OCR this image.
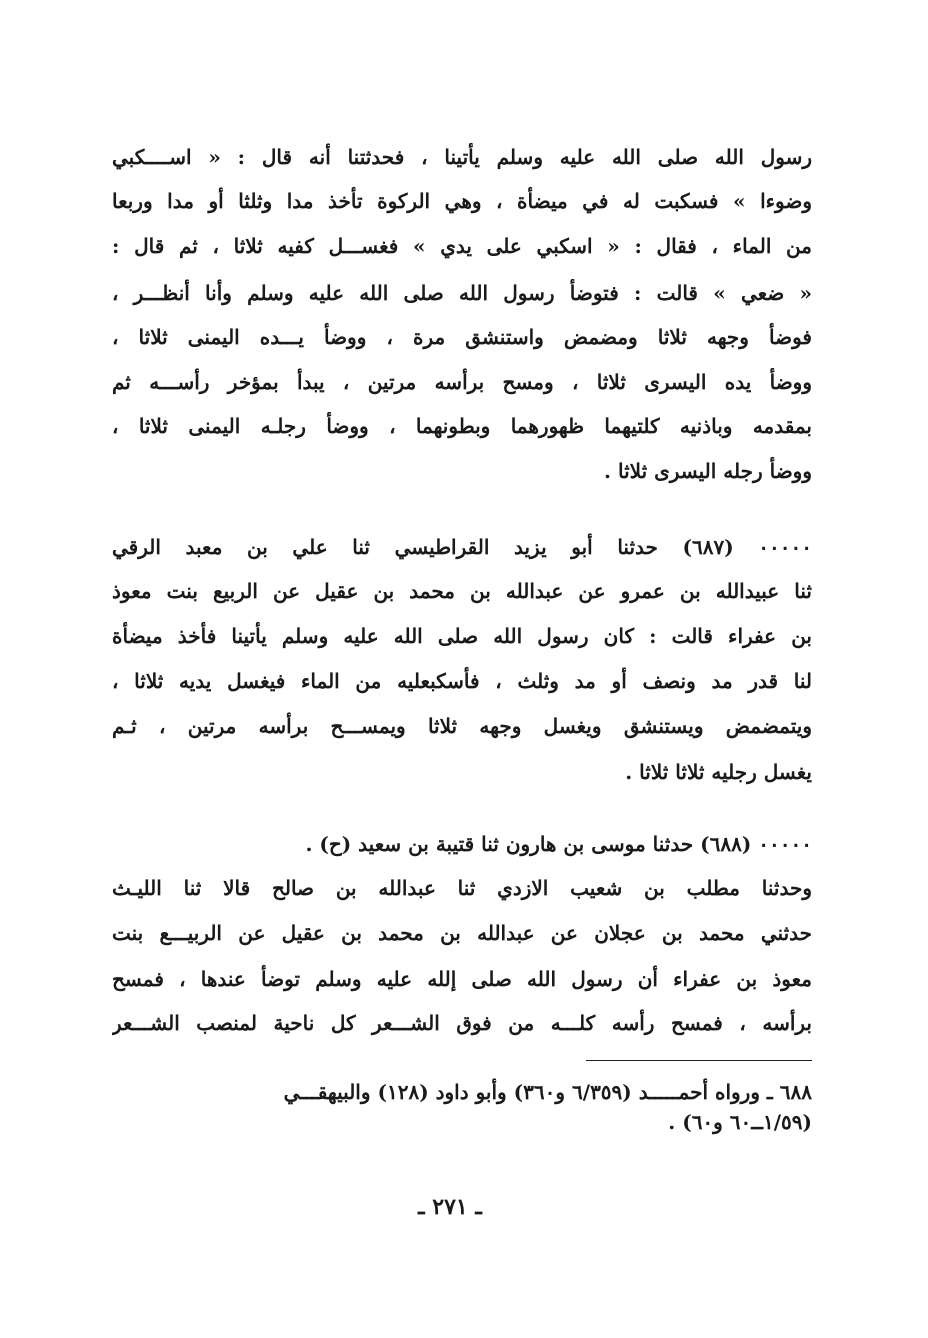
رسول الله صلى الله عليه وسلم يأتينا ، فحدثتنا أنه قال : « اســــكبي
وضوءا » فسكبت له في ميضأة ، وهي الركوة تأخذ مدا وثلثا أو مدا وربعا
من الماء ، فقال : « اسكبي على يدي » فغســـل كفيه ثلاثا ، ثم قال :
« ضعي » قالت : فتوضأ رسول الله صلى الله عليه وسلم وأنا أنظـــر ،
فوضأ وجهه ثلاثا ومضمض واستنشق مرة ، ووضأ يـــده اليمنى ثلاثا ،
ووضأ يده اليسرى ثلاثا ، ومسح برأسه مرتين ، يبدأ بمؤخر رأســـه ثم
بمقدمه وباذنيه كلتيهما ظهورهما وبطونهما ، ووضأ رجلـه اليمنى ثلاثا ،
ووضأ رجله اليسرى ثلاثا .
٠٠٠٠٠ (٦٨٧) حدثنا أبو يزيد القراطيسي ثنا علي بن معبد الرقي
ثنا عبيدالله بن عمرو عن عبدالله بن محمد بن عقيل عن الربيع بنت معوذ
بن عفراء قالت : كان رسول الله صلى الله عليه وسلم يأتينا فأخذ ميضأة
لنا قدر مد ونصف أو مد وثلث ، فأسكبعليه من الماء فيغسل يديه ثلاثا ،
ويتمضمض ويستنشق ويغسل وجهه ثلاثا ويمســـح برأسه مرتين ، ثـم
يغسل رجليه ثلاثا ثلاثا .
٠٠٠٠٠ (٦٨٨) حدثنا موسى بن هارون ثنا قتيبة بن سعيد (ح) .
وحدثنا مطلب بن شعيب الازدي ثنا عبدالله بن صالح قالا ثنا الليـث
حدثني محمد بن عجلان عن عبدالله بن محمد بن عقيل عن الربيـــع بنت
معوذ بن عفراء أن رسول الله صلى إلله عليه وسلم توضأ عندها ، فمسح
برأسه ، فمسح رأسه كلـــه من فوق الشـــعر كل ناحية لمنصب الشـــعر
٦٨٨ ـ ورواه أحمـــــد (٦/٣٥٩ و٣٦٠) وأبو داود (١٢٨) والبيهقـــي
(١/٥٩ــ٦٠ و٦٠) .
ـ ٢٧١ ـ
